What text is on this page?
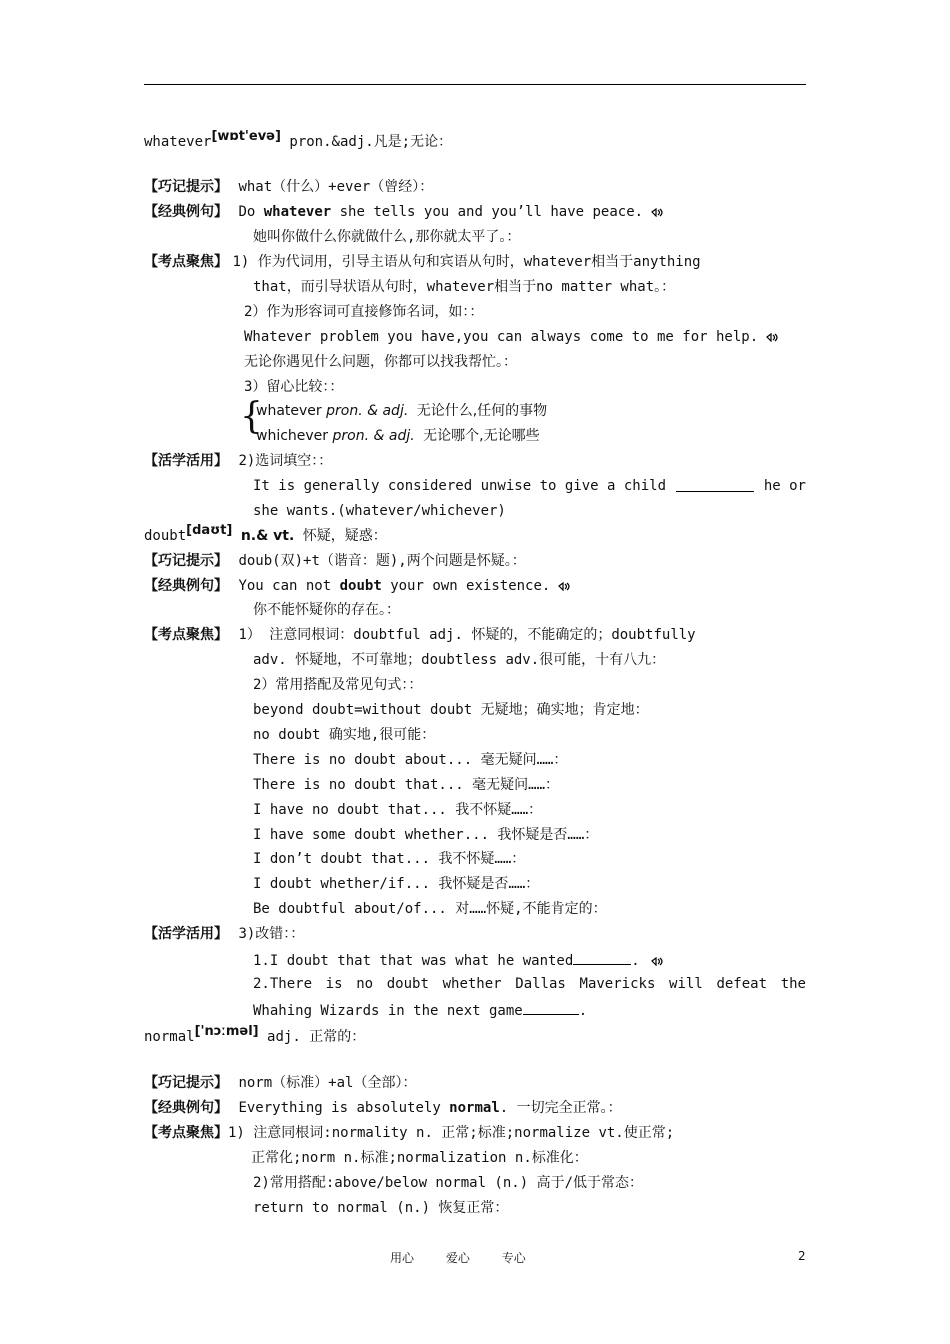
whatever[wɒt'evə] pron.&adj.凡是;无论：
【巧记提示】 what（什么）+ever（曾经）：
【经典例句】 Do whatever she tells you and you’ll have peace.
她叫你做什么你就做什么,那你就太平了。：
【考点聚焦】 1) 作为代词用，引导主语从句和宾语从句时，whatever相当于anything
that，而引导状语从句时，whatever相当于no matter what。：
2）作为形容词可直接修饰名词，如：：
Whatever problem you have,you can always come to me for help.
无论你遇见什么问题，你都可以找我帮忙。：
3）留心比较：：
{
whatever pron. & adj. 无论什么,任何的事物
whichever pron. & adj. 无论哪个,无论哪些
【活学活用】 2)选词填空：：
It is generally considered unwise to give a child	he or
she wants.(whatever/whichever)
doubt[daʊt] n.& vt. 怀疑，疑惑：
【巧记提示】 doub(双)+t（谐音：题),两个问题是怀疑。：
【经典例句】 You can not doubt your own existence.
你不能怀疑你的存在。：
【考点聚焦】 1） 注意同根词：doubtful adj. 怀疑的，不能确定的；doubtfully
adv. 怀疑地，不可靠地；doubtless adv.很可能，十有八九：
2）常用搭配及常见句式：：
beyond doubt=without doubt 无疑地；确实地；肯定地：
no doubt 确实地,很可能：
There is no doubt about... 毫无疑问……：
There is no doubt that... 毫无疑问……：
I have no doubt that... 我不怀疑……：
I have some doubt whether... 我怀疑是否……：
I don’t doubt that... 我不怀疑……：
I doubt whether/if... 我怀疑是否……：
Be doubtful about/of... 对……怀疑,不能肯定的：
【活学活用】 3)改错：：
1.I doubt that that was what he wanted	.
2.There is no doubt whether Dallas Mavericks will defeat the
Whahing Wizards in the next game	.
normal['nɔːməl] adj. 正常的：
【巧记提示】 norm（标准）+al（全部）：
【经典例句】 Everything is absolutely normal. 一切完全正常。：
【考点聚焦】1) 注意同根词:normality n. 正常;标准;normalize vt.使正常;
正常化;norm n.标准;normalization n.标准化：
2)常用搭配:above/below normal (n.) 高于/低于常态：
return to normal (n.) 恢复正常：
用心	爱心	专心	2
